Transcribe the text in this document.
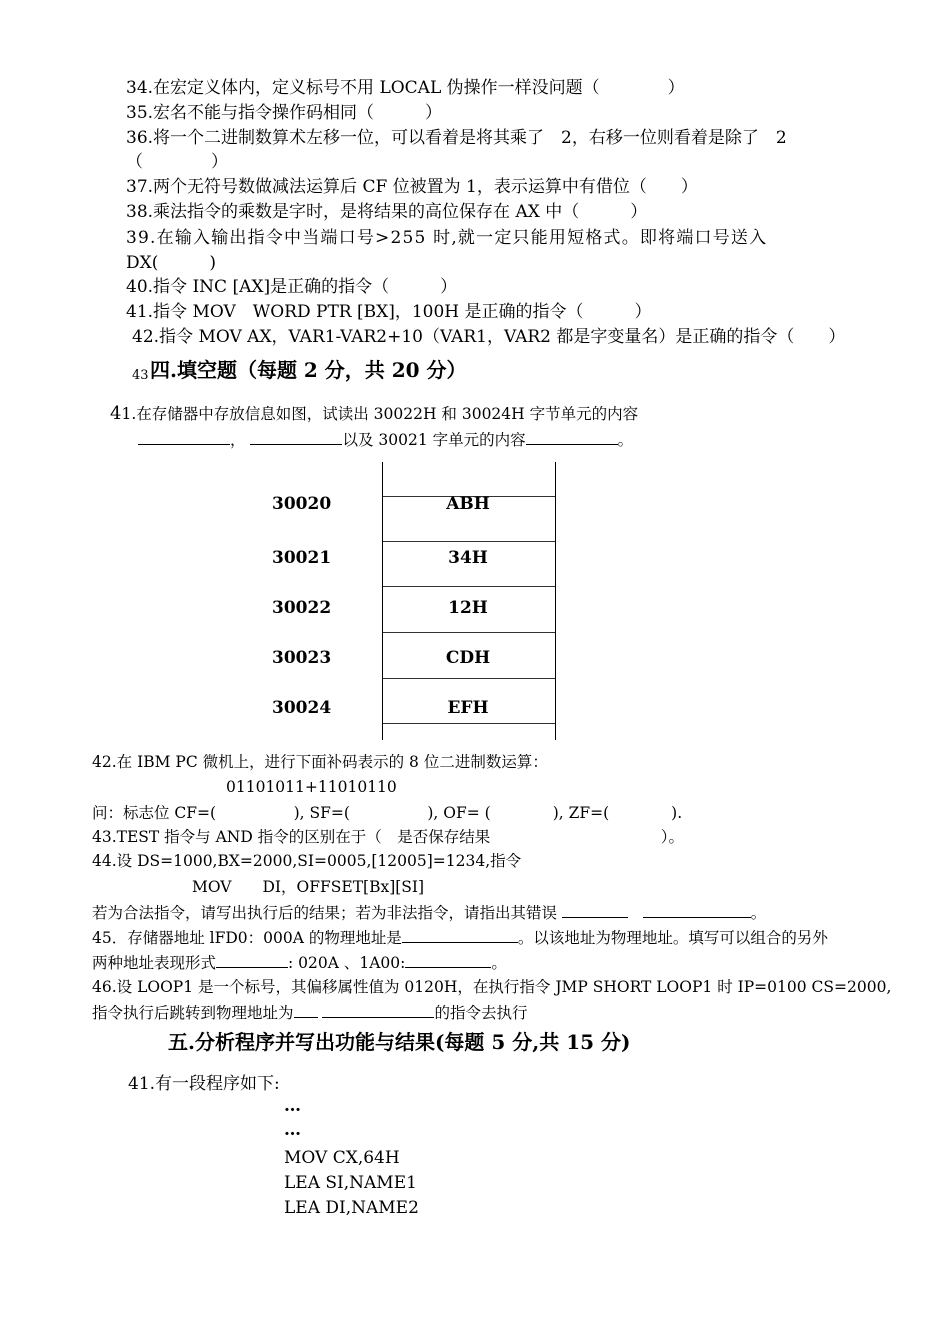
34.在宏定义体内，定义标号不用 LOCAL 伪操作一样没问题（　　　　）
35.宏名不能与指令操作码相同（　　　）
36.将一个二进制数算术左移一位，可以看着是将其乘了　2，右移一位则看着是除了　2
（　　　　）
37.两个无符号数做减法运算后 CF 位被置为 1，表示运算中有借位（　　）
38.乘法指令的乘数是字时，是将结果的高位保存在 AX 中（　　　）
39.在输入输出指令中当端口号>255 时,就一定只能用短格式。即将端口号送入
DX(　　　)
40.指令 INC [AX]是正确的指令（　　　）
41.指令 MOV　WORD PTR [BX]，100H 是正确的指令（　　　）
42.指令 MOV AX，VAR1-VAR2+10（VAR1，VAR2 都是字变量名）是正确的指令（　　）
43 四.填空题（每题 2 分，共 20 分）
41.在存储器中存放信息如图，试读出 30022H 和 30024H 字节单元的内容
，	以及 30021 字单元的内容	。
30020	ABH
30021	34H
30022	12H
30023	CDH
30024	EFH
42.在 IBM PC 微机上，进行下面补码表示的 8 位二进制数运算：
01101011+11010110
问：标志位 CF=(　　　　　), SF=(　　　　　), OF= (　　　　), ZF=(　　　　).
43.TEST 指令与 AND 指令的区别在于（　是否保存结果　　　　　　　　　　　）。
44.设 DS=1000,BX=2000,SI=0005,[12005]=1234,指令
MOV　　DI，OFFSET[Bx][SI]
若为合法指令，请写出执行后的结果；若为非法指令，请指出其错误	。
45．存储器地址 lFD0：000A 的物理地址是	。以该地址为物理地址。填写可以组合的另外
两种地址表现形式	: 020A 、1A00:	。
46.设 LOOP1 是一个标号，其偏移属性值为 0120H，在执行指令 JMP SHORT LOOP1 时 IP=0100 CS=2000,
指令执行后跳转到物理地址为	的指令去执行
五.分析程序并写出功能与结果(每题 5 分,共 15 分)
41.有一段程序如下:
…
…
MOV CX,64H
LEA SI,NAME1
LEA DI,NAME2
